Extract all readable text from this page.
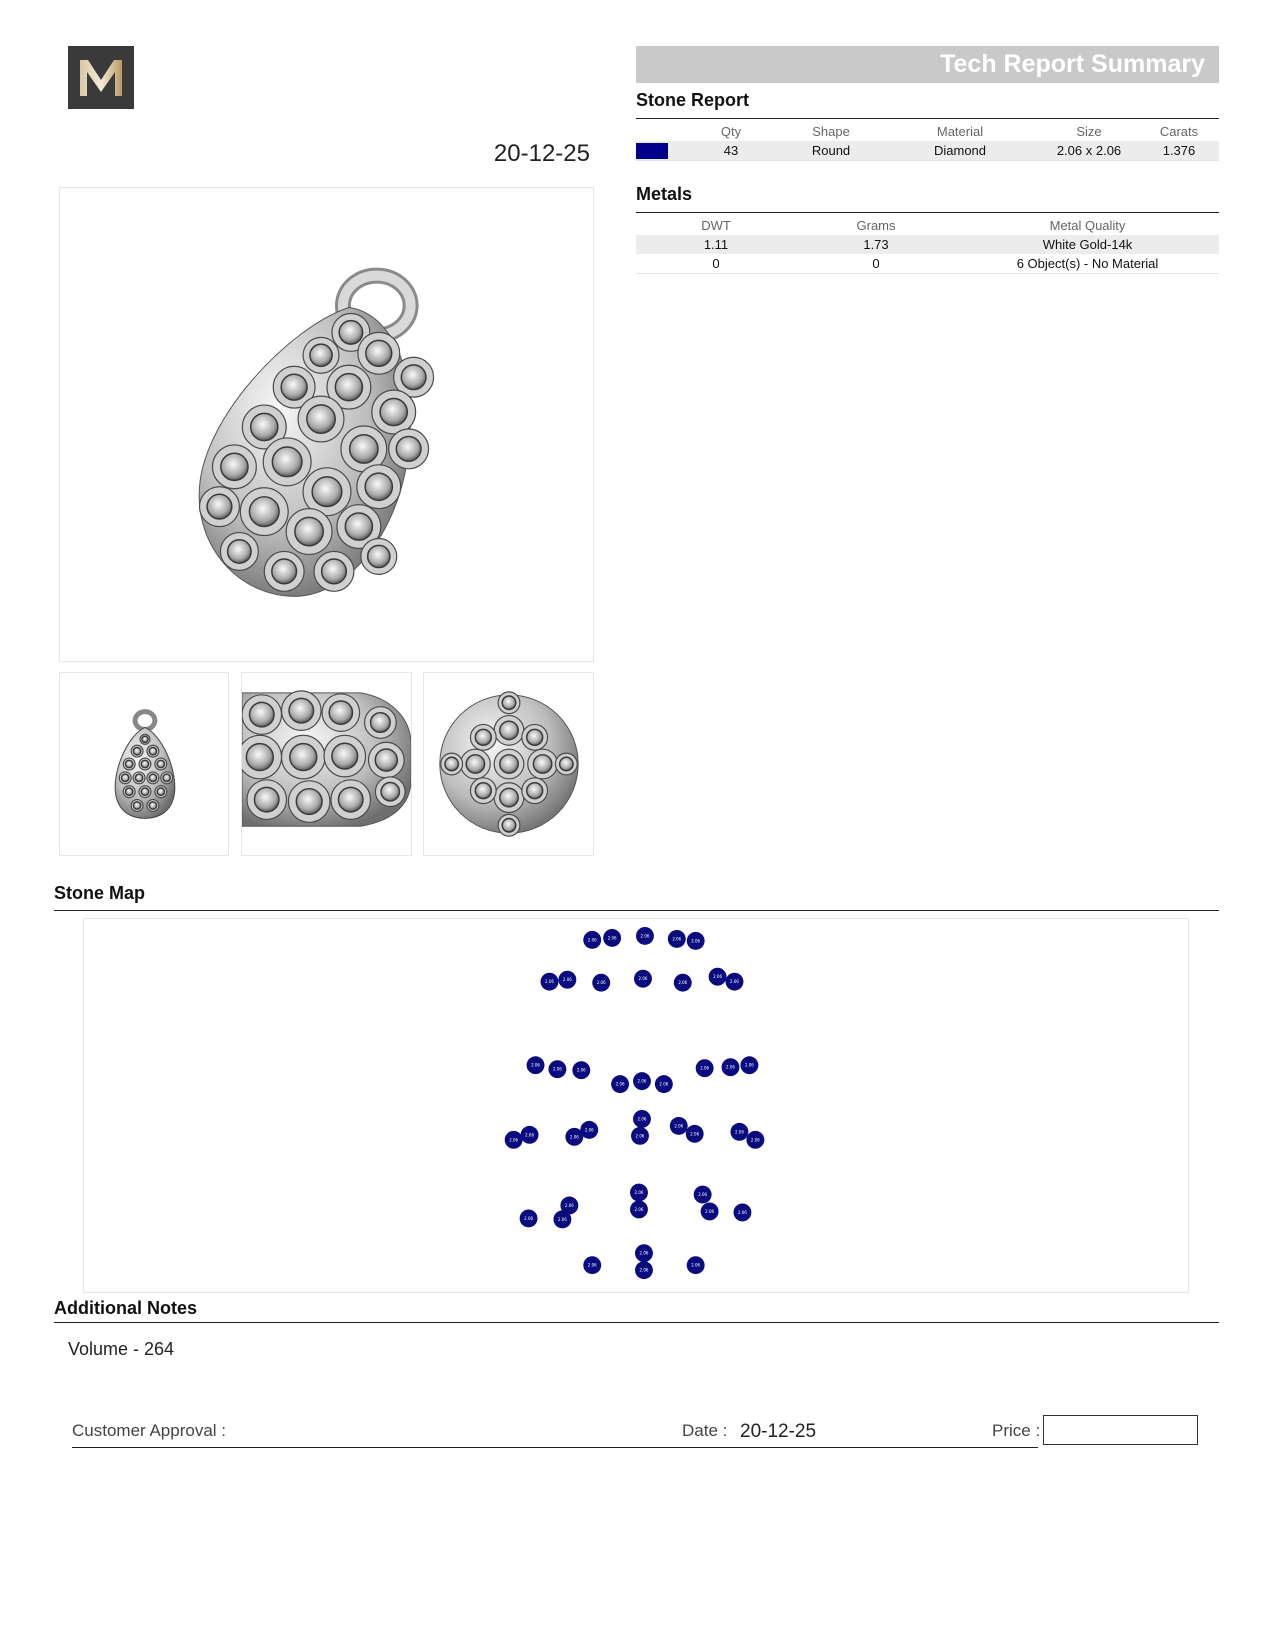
20-12-25
Tech Report Summary
Stone Report
	Qty	Shape	Material	Size	Carats
	43	Round	Diamond	2.06 x 2.06	1.376
Metals
DWT	Grams	Metal Quality
1.11	1.73	White Gold-14k
0	0	6 Object(s) - No Material
Stone Map
2.06	2.06	2.06
2.06	2.06
2.06 2.06
2.06
2.06
2.06
2.06
2.06
2.06
2.06	2.06
2.06
2.06
2.06
2.06	2.06	2.06
2.06
2.06	2.06
2.06
2.06
2.06
2.06
2.06	2.06
2.06
2.06	2.06
2.06
2.06
2.06
2.06
2.06	2.06
2.06
2.06
2.06
2.06
Additional Notes
Volume - 264
Customer Approval :	Date : 20-12-25	Price :
